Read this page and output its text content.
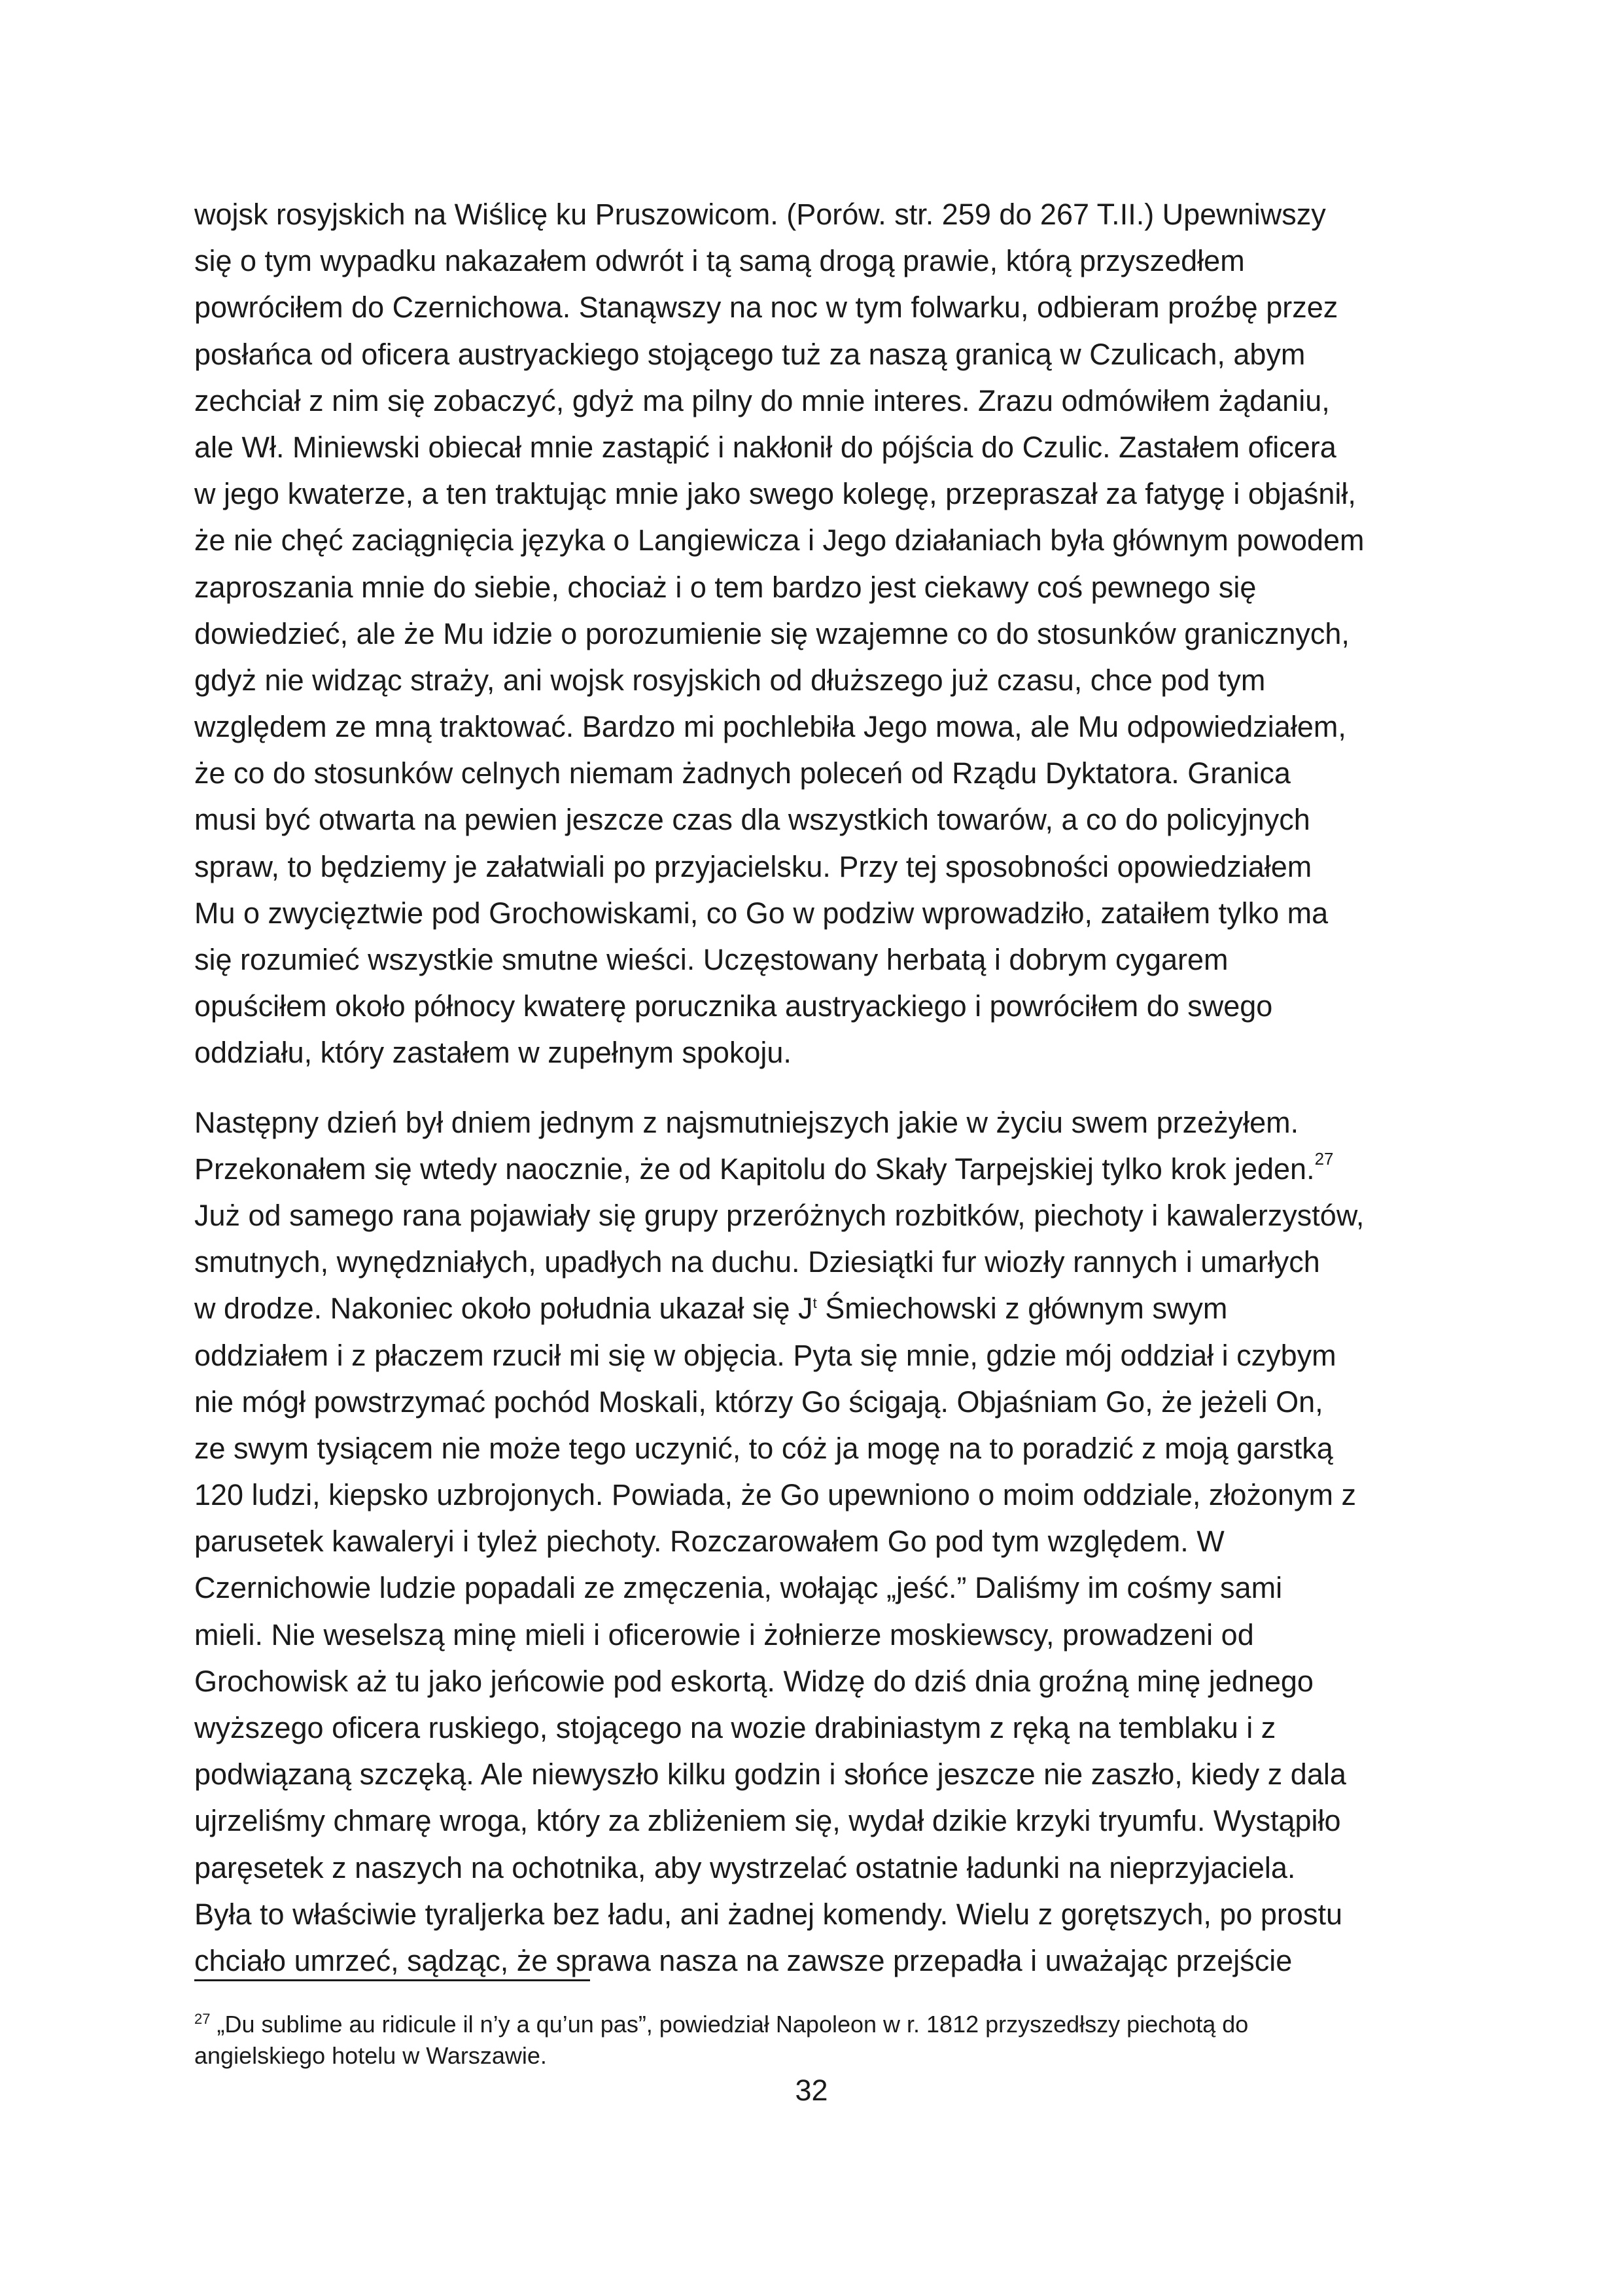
wojsk rosyjskich na Wiślicę ku Pruszowicom. (Porów. str. 259 do 267 T.II.) Upewniwszy
się o tym wypadku nakazałem odwrót i tą samą drogą prawie, którą przyszedłem
powróciłem do Czernichowa. Stanąwszy na noc w tym folwarku, odbieram proźbę przez
posłańca od oficera austryackiego stojącego tuż za naszą granicą w Czulicach, abym
zechciał z nim się zobaczyć, gdyż ma pilny do mnie interes. Zrazu odmówiłem żądaniu,
ale Wł. Miniewski obiecał mnie zastąpić i nakłonił do pójścia do Czulic. Zastałem oficera
w jego kwaterze, a ten traktując mnie jako swego kolegę, przepraszał za fatygę i objaśnił,
że nie chęć zaciągnięcia języka o Langiewicza i Jego działaniach była głównym powodem
zaproszania mnie do siebie, chociaż i o tem bardzo jest ciekawy coś pewnego się
dowiedzieć, ale że Mu idzie o porozumienie się wzajemne co do stosunków granicznych,
gdyż nie widząc straży, ani wojsk rosyjskich od dłuższego już czasu, chce pod tym
względem ze mną traktować. Bardzo mi pochlebiła Jego mowa, ale Mu odpowiedziałem,
że co do stosunków celnych niemam żadnych poleceń od Rządu Dyktatora. Granica
musi być otwarta na pewien jeszcze czas dla wszystkich towarów, a co do policyjnych
spraw, to będziemy je załatwiali po przyjacielsku. Przy tej sposobności opowiedziałem
Mu o zwycięztwie pod Grochowiskami, co Go w podziw wprowadziło, zataiłem tylko ma
się rozumieć wszystkie smutne wieści. Uczęstowany herbatą i dobrym cygarem
opuściłem około północy kwaterę porucznika austryackiego i powróciłem do swego
oddziału, który zastałem w zupełnym spokoju.
Następny dzień był dniem jednym z najsmutniejszych jakie w życiu swem przeżyłem.
Przekonałem się wtedy naocznie, że od Kapitolu do Skały Tarpejskiej tylko krok jeden.$^{27}$
Już od samego rana pojawiały się grupy przeróżnych rozbitków, piechoty i kawalerzystów,
smutnych, wynędzniałych, upadłych na duchu. Dziesiątki fur wiozły rannych i umarłych
w drodze. Nakoniec około południa ukazał się $J^t$ Śmiechowski z głównym swym
oddziałem i z płaczem rzucił mi się w objęcia. Pyta się mnie, gdzie mój oddział i czybym
nie mógł powstrzymać pochód Moskali, którzy Go ścigają. Objaśniam Go, że jeżeli On,
ze swym tysiącem nie może tego uczynić, to cóż ja mogę na to poradzić z moją garstką
120 ludzi, kiepsko uzbrojonych. Powiada, że Go upewniono o moim oddziale, złożonym z
parusetek kawaleryi i tyleż piechoty. Rozczarowałem Go pod tym względem. W
Czernichowie ludzie popadali ze zmęczenia, wołając „jeść.” Daliśmy im cośmy sami
mieli. Nie weselszą minę mieli i oficerowie i żołnierze moskiewscy, prowadzeni od
Grochowisk aż tu jako jeńcowie pod eskortą. Widzę do dziś dnia groźną minę jednego
wyższego oficera ruskiego, stojącego na wozie drabiniastym z ręką na temblaku i z
podwiązaną szczęką. Ale niewyszło kilku godzin i słońce jeszcze nie zaszło, kiedy z dala
ujrzeliśmy chmarę wroga, który za zbliżeniem się, wydał dzikie krzyki tryumfu. Wystąpiło
paręsetek z naszych na ochotnika, aby wystrzelać ostatnie ładunki na nieprzyjaciela.
Była to właściwie tyraljerka bez ładu, ani żadnej komendy. Wielu z gorętszych, po prostu
chciało umrzeć, sądząc, że sprawa nasza na zawsze przepadła i uważając przejście
$^{27}$ „Du sublime au ridicule il n’y a qu’un pas”, powiedział Napoleon w r. 1812 przyszedłszy piechotą do
angielskiego hotelu w Warszawie.
32
